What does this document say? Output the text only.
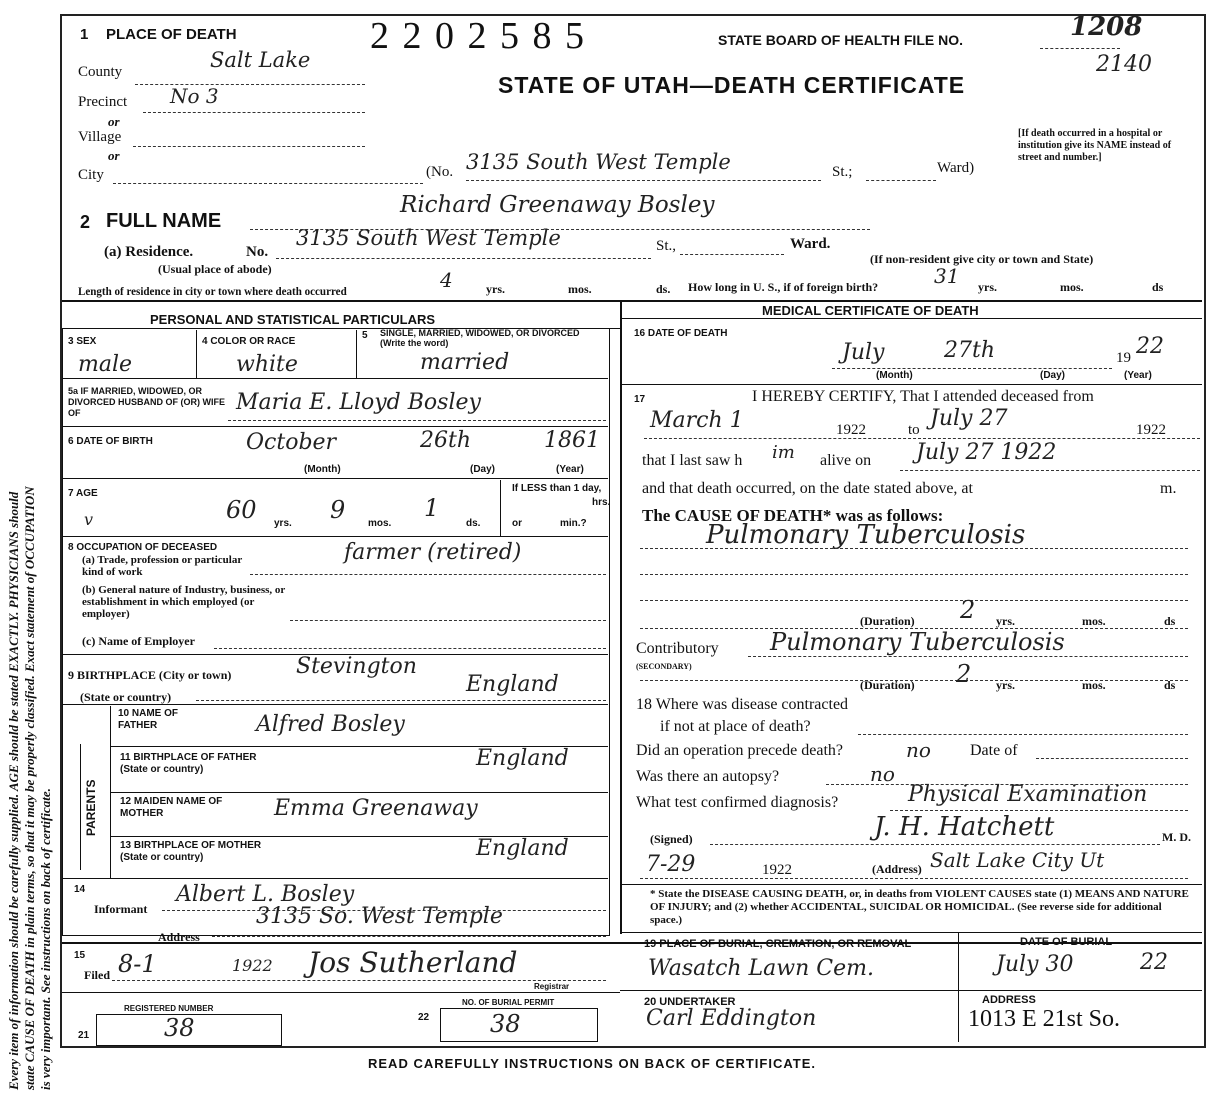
Every item of information should be carefully supplied. AGE should be stated EXACTLY. PHYSICIANS should state CAUSE OF DEATH in plain terms, so that it may be properly classified. Exact statement of OCCUPATION is very important. See instructions on back of certificate.
1 PLACE OF DEATH	2 2 0 2 5 8 5	STATE BOARD OF HEALTH FILE NO.	1208
2140
STATE OF UTAH—DEATH CERTIFICATE
County	Salt Lake
Precinct No 3
or
Village
or
City	(No. 3135 South West Temple	St.;	Ward)
[If death occurred in a hospital or institution give its NAME instead of street and number.]
2 FULL NAME
Richard Greenaway Bosley
(a) Residence.	No.
3135 South West Temple	St.,	Ward.
(Usual place of abode)
(If non-resident give city or town and State)
Length of residence in city or town where death occurred	4	yrs.	mos.	ds. How long in U. S., if of foreign birth?	31 yrs.	mos.	ds
PERSONAL AND STATISTICAL PARTICULARS
MEDICAL CERTIFICATE OF DEATH
3 SEX
male
4 COLOR OR RACE
white
5 SINGLE, MARRIED, WIDOWED, OR DIVORCED (Write the word)
married
5a IF MARRIED, WIDOWED, OR DIVORCED HUSBAND OF (OR) WIFE OF	Maria E. Lloyd Bosley
6 DATE OF BIRTH	October	26th	1861
(Month)	(Day)	(Year)
7 AGE
v	60 yrs. 9 mos.
1
ds.
If LESS than 1 day,
hrs.
or	min.?
8 OCCUPATION OF DECEASED
(a) Trade, profession or particular kind of work
farmer (retired)
(b) General nature of Industry, business, or establishment in which employed (or employer)
(c) Name of Employer
9 BIRTHPLACE (City or town)	Stevington
(State or country)	England
PARENTS
10 NAME OF FATHER	Alfred Bosley
11 BIRTHPLACE OF FATHER (State or country)	England
12 MAIDEN NAME OF MOTHER	Emma Greenaway
13 BIRTHPLACE OF MOTHER (State or country)	England
14
Informant
Albert L. Bosley
Address
3135 So. West Temple
15
Filed 8-1	1922 Jos Sutherland
Registrar
REGISTERED NUMBER
21	38
NO. OF BURIAL PERMIT
22	38
16 DATE OF DEATH
July	27th	19 22
(Month)	(Day)	(Year)
17	I HEREBY CERTIFY, That I attended deceased from
March 1	1922	to July 27	1922
that I last saw h im alive on July 27 1922
and that death occurred, on the date stated above, at	m.
The CAUSE OF DEATH* was as follows:
Pulmonary Tuberculosis
(Duration) 2 yrs.	mos.	ds
Contributory
(SECONDARY)
Pulmonary Tuberculosis
(Duration) 2 yrs.	mos.	ds
18 Where was disease contracted
if not at place of death?
Did an operation precede death?	no Date of
Was there an autopsy?	no
What test confirmed diagnosis?	Physical Examination
(Signed)	J. H. Hatchett	M. D.
7-29	1922	(Address) Salt Lake City Ut
* State the DISEASE CAUSING DEATH, or, in deaths from VIOLENT CAUSES state (1) MEANS AND NATURE OF INJURY; and (2) whether ACCIDENTAL, SUICIDAL OR HOMICIDAL. (See reverse side for additional space.)
19 PLACE OF BURIAL, CREMATION, OR REMOVAL
Wasatch Lawn Cem.
DATE OF BURIAL
July 30	22
20 UNDERTAKER
Carl Eddington
ADDRESS
1013 E 21st So.
READ CAREFULLY INSTRUCTIONS ON BACK OF CERTIFICATE.
